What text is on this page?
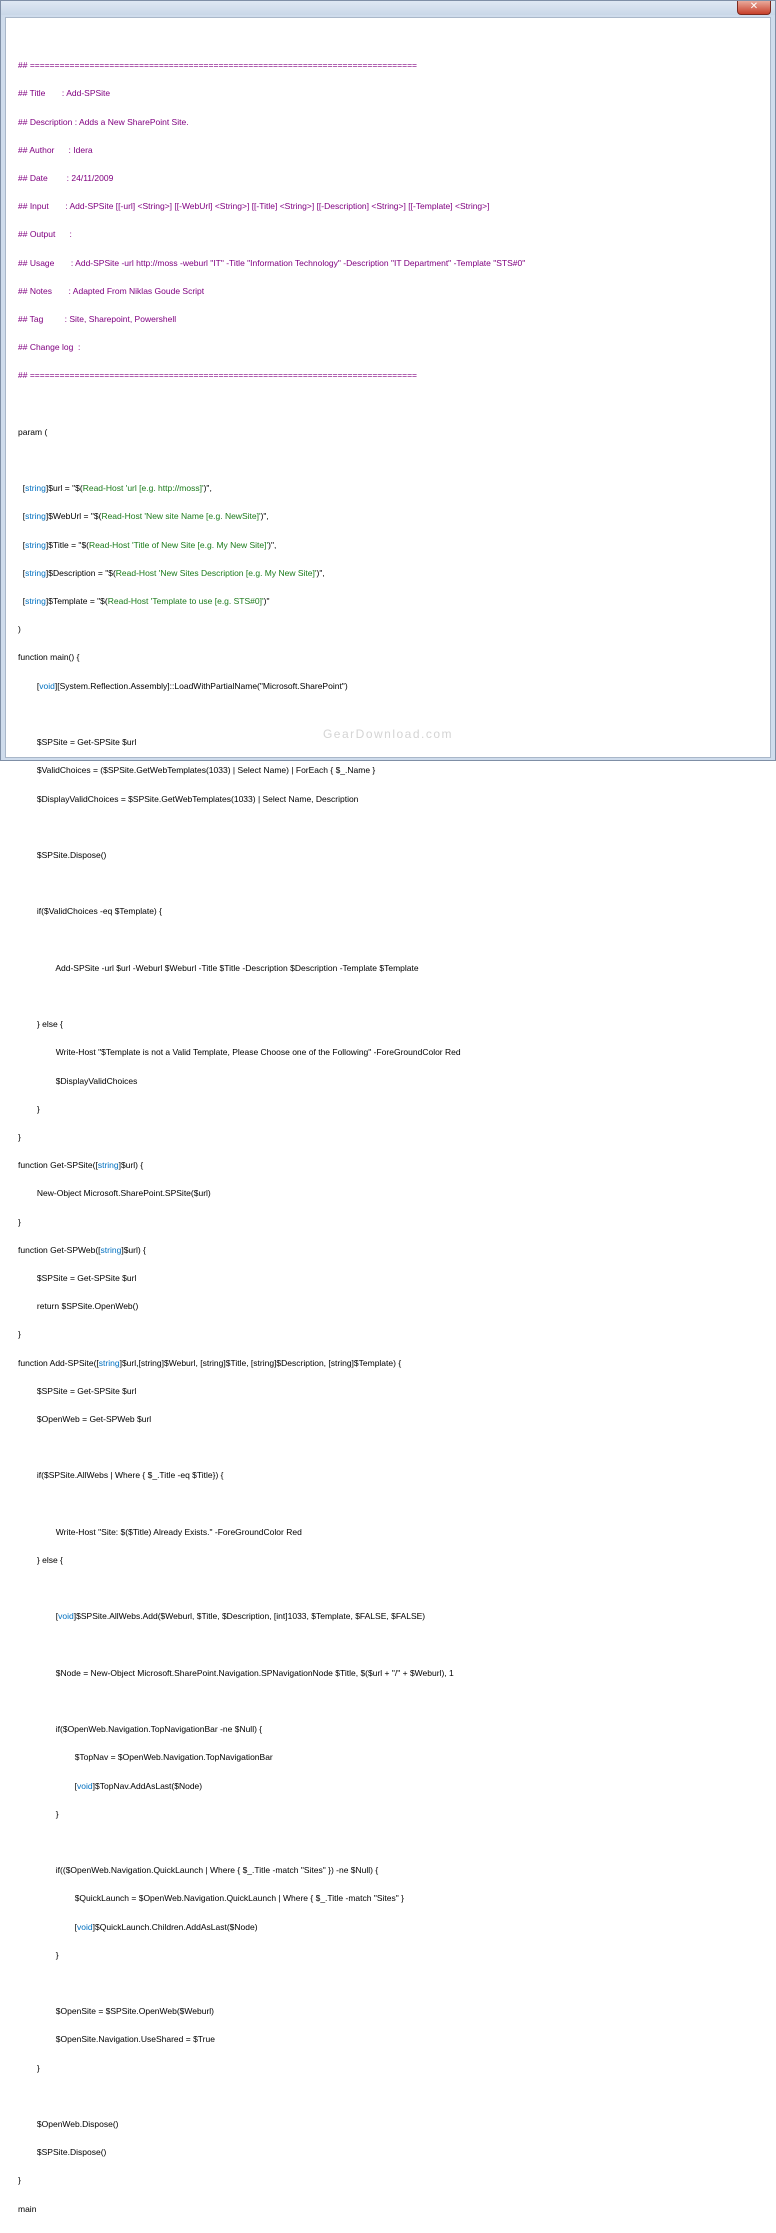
✕

## ==============================================================================

## Title       : Add-SPSite

## Description : Adds a New SharePoint Site.

## Author      : Idera

## Date        : 24/11/2009

## Input       : Add-SPSite [[-url] <String>] [[-WebUrl] <String>] [[-Title] <String>] [[-Description] <String>] [[-Template] <String>]

## Output      :

## Usage       : Add-SPSite -url http://moss -weburl "IT" -Title "Information Technology" -Description "IT Department" -Template "STS#0"

## Notes       : Adapted From Niklas Goude Script

## Tag         : Site, Sharepoint, Powershell

## Change log  :

## ==============================================================================

param (

[string]$url = "$(Read-Host 'url [e.g. http://moss]')",

[string]$WebUrl = "$(Read-Host 'New site Name [e.g. NewSite]')",

[string]$Title = "$(Read-Host 'Title of New Site [e.g. My New Site]')",

[string]$Description = "$(Read-Host 'New Sites Description [e.g. My New Site]')",

[string]$Template = "$(Read-Host 'Template to use [e.g. STS#0]')"

)

function main() {

[void][System.Reflection.Assembly]::LoadWithPartialName("Microsoft.SharePoint")

$SPSite = Get-SPSite $url

$ValidChoices = ($SPSite.GetWebTemplates(1033) | Select Name) | ForEach { $_.Name }

$DisplayValidChoices = $SPSite.GetWebTemplates(1033) | Select Name, Description

$SPSite.Dispose()

if($ValidChoices -eq $Template) {

Add-SPSite -url $url -Weburl $Weburl -Title $Title -Description $Description -Template $Template

} else {

Write-Host "$Template is not a Valid Template, Please Choose one of the Following" -ForeGroundColor Red

$DisplayValidChoices

}

}

function Get-SPSite([string]$url) {

New-Object Microsoft.SharePoint.SPSite($url)

}

function Get-SPWeb([string]$url) {

$SPSite = Get-SPSite $url

return $SPSite.OpenWeb()

}

function Add-SPSite([string]$url,[string]$Weburl, [string]$Title, [string]$Description, [string]$Template) {

$SPSite = Get-SPSite $url

$OpenWeb = Get-SPWeb $url

if($SPSite.AllWebs | Where { $_.Title -eq $Title}) {

Write-Host "Site: $($Title) Already Exists." -ForeGroundColor Red

} else {

[void]$SPSite.AllWebs.Add($Weburl, $Title, $Description, [int]1033, $Template, $FALSE, $FALSE)

$Node = New-Object Microsoft.SharePoint.Navigation.SPNavigationNode $Title, $($url + "/" + $Weburl), 1

if($OpenWeb.Navigation.TopNavigationBar -ne $Null) {

$TopNav = $OpenWeb.Navigation.TopNavigationBar

[void]$TopNav.AddAsLast($Node)

}

if(($OpenWeb.Navigation.QuickLaunch | Where { $_.Title -match "Sites" }) -ne $Null) {

$QuickLaunch = $OpenWeb.Navigation.QuickLaunch | Where { $_.Title -match "Sites" }

[void]$QuickLaunch.Children.AddAsLast($Node)

}

$OpenSite = $SPSite.OpenWeb($Weburl)

$OpenSite.Navigation.UseShared = $True

}

$OpenWeb.Dispose()

$SPSite.Dispose()

}

main

GearDownload.com
